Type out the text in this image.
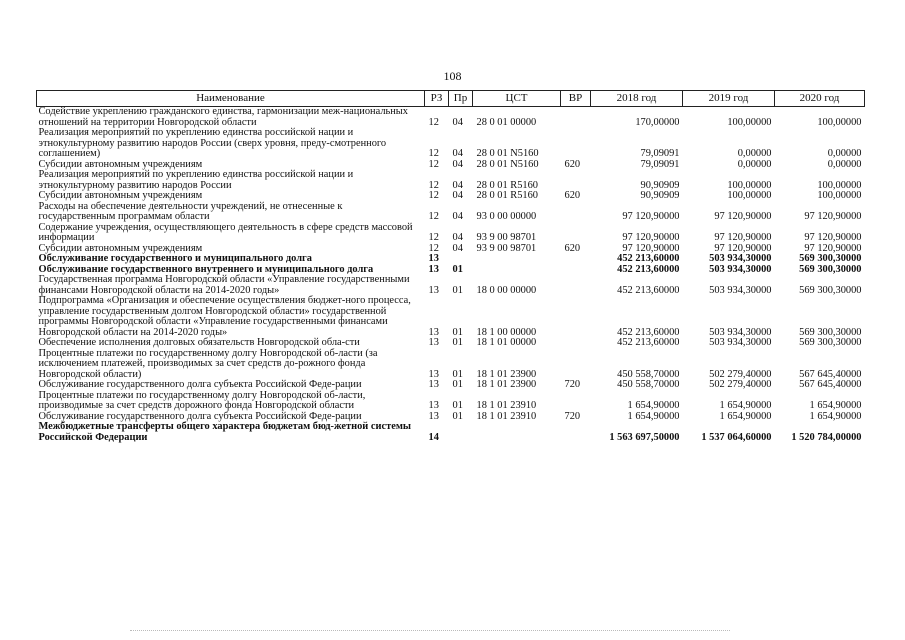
108
Наименование	РЗ	Пр	ЦСТ	ВР	2018 год	2019 год	2020 год
Содействие укреплению гражданского единства, гармонизации меж-национальных отношений на территории Новгородской области	12	04	28 0 01 00000		170,00000	100,00000	100,00000
Реализация мероприятий по укреплению единства российской нации и этнокультурному развитию народов России (сверх уровня, преду-смотренного соглашением)	12	04	28 0 01 N5160		79,09091	0,00000	0,00000
Субсидии автономным учреждениям	12	04	28 0 01 N5160	620	79,09091	0,00000	0,00000
Реализация мероприятий по укреплению единства российской нации и этнокультурному развитию народов России	12	04	28 0 01 R5160		90,90909	100,00000	100,00000
Субсидии автономным учреждениям	12	04	28 0 01 R5160	620	90,90909	100,00000	100,00000
Расходы на обеспечение деятельности учреждений, не отнесенные к государственным программам области	12	04	93 0 00 00000		97 120,90000	97 120,90000	97 120,90000
Содержание учреждения, осуществляющего деятельность в сфере средств массовой информации	12	04	93 9 00 98701		97 120,90000	97 120,90000	97 120,90000
Субсидии автономным учреждениям	12	04	93 9 00 98701	620	97 120,90000	97 120,90000	97 120,90000
Обслуживание государственного и муниципального долга	13				452 213,60000	503 934,30000	569 300,30000
Обслуживание государственного внутреннего и муниципального долга	13	01			452 213,60000	503 934,30000	569 300,30000
Государственная программа Новгородской области «Управление государственными финансами Новгородской области на 2014-2020 годы»	13	01	18 0 00 00000		452 213,60000	503 934,30000	569 300,30000
Подпрограмма «Организация и обеспечение осуществления бюджет-ного процесса, управление государственным долгом Новгородской области» государственной программы Новгородской области «Управление государственными финансами Новгородской области на 2014-2020 годы»	13	01	18 1 00 00000		452 213,60000	503 934,30000	569 300,30000
Обеспечение исполнения долговых обязательств Новгородской обла-сти	13	01	18 1 01 00000		452 213,60000	503 934,30000	569 300,30000
Процентные платежи по государственному долгу Новгородской об-ласти (за исключением платежей, производимых за счет средств до-рожного фонда Новгородской области)	13	01	18 1 01 23900		450 558,70000	502 279,40000	567 645,40000
Обслуживание государственного долга субъекта Российской Феде-рации	13	01	18 1 01 23900	720	450 558,70000	502 279,40000	567 645,40000
Процентные платежи по государственному долгу Новгородской об-ласти, производимые за счет средств дорожного фонда Новгородской области	13	01	18 1 01 23910		1 654,90000	1 654,90000	1 654,90000
Обслуживание государственного долга субъекта Российской Феде-рации	13	01	18 1 01 23910	720	1 654,90000	1 654,90000	1 654,90000
Межбюджетные трансферты общего характера бюджетам бюд-жетной системы Российской Федерации	14				1 563 697,50000	1 537 064,60000	1 520 784,00000
